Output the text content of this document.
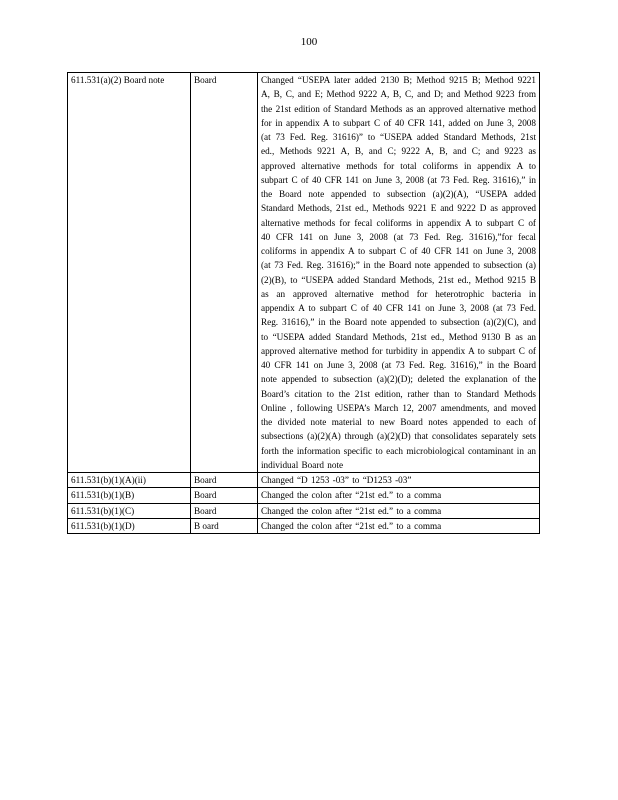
100
611.531(a)(2) Board note	Board	Changed “USEPA later added 2130 B; Method 9215 B; Method 9221 A, B, C, and E; Method 9222 A, B, C, and D; and Method 9223 from the 21st edition of Standard Methods as an approved alternative method for in appendix A to subpart C of 40 CFR 141, added on June 3, 2008 (at 73 Fed. Reg. 31616)” to “USEPA added Standard Methods, 21st ed., Methods 9221 A, B, and C; 9222 A, B, and C; and 9223 as approved alternative methods for total coliforms in appendix A to subpart C of 40 CFR 141 on June 3, 2008 (at 73 Fed. Reg. 31616),” in the Board note appended to subsection (a)(2)(A), “USEPA added Standard Methods, 21st ed., Methods 9221 E and 9222 D as approved alternative methods for fecal coliforms in appendix A to subpart C of 40 CFR 141 on June 3, 2008 (at 73 Fed. Reg. 31616),”for fecal coliforms in appendix A to subpart C of 40 CFR 141 on June 3, 2008 (at 73 Fed. Reg. 31616);” in the Board note appended to subsection (a)(2)(B), to “USEPA added Standard Methods, 21st ed., Method 9215 B as an approved alternative method for heterotrophic bacteria in appendix A to subpart C of 40 CFR 141 on June 3, 2008 (at 73 Fed. Reg. 31616),” in the Board note appended to subsection (a)(2)(C), and to “USEPA added Standard Methods, 21st ed., Method 9130 B as an approved alternative method for turbidity in appendix A to subpart C of 40 CFR 141 on June 3, 2008 (at 73 Fed. Reg. 31616),” in the Board note appended to subsection (a)(2)(D); deleted the explanation of the Board’s citation to the 21st edition, rather than to Standard Methods Online , following USEPA’s March 12, 2007 amendments, and moved the divided note material to new Board notes appended to each of subsections (a)(2)(A) through (a)(2)(D) that consolidates separately sets forth the information specific to each microbiological contaminant in an individual Board note
611.531(b)(1)(A)(ii)	Board	Changed “D 1253 -03” to “D1253 -03”
611.531(b)(1)(B)	Board	Changed the colon after “21st ed.” to a comma
611.531(b)(1)(C)	Board	Changed the colon after “21st ed.” to a comma
611.531(b)(1)(D)	B oard	Changed the colon after “21st ed.” to a comma
